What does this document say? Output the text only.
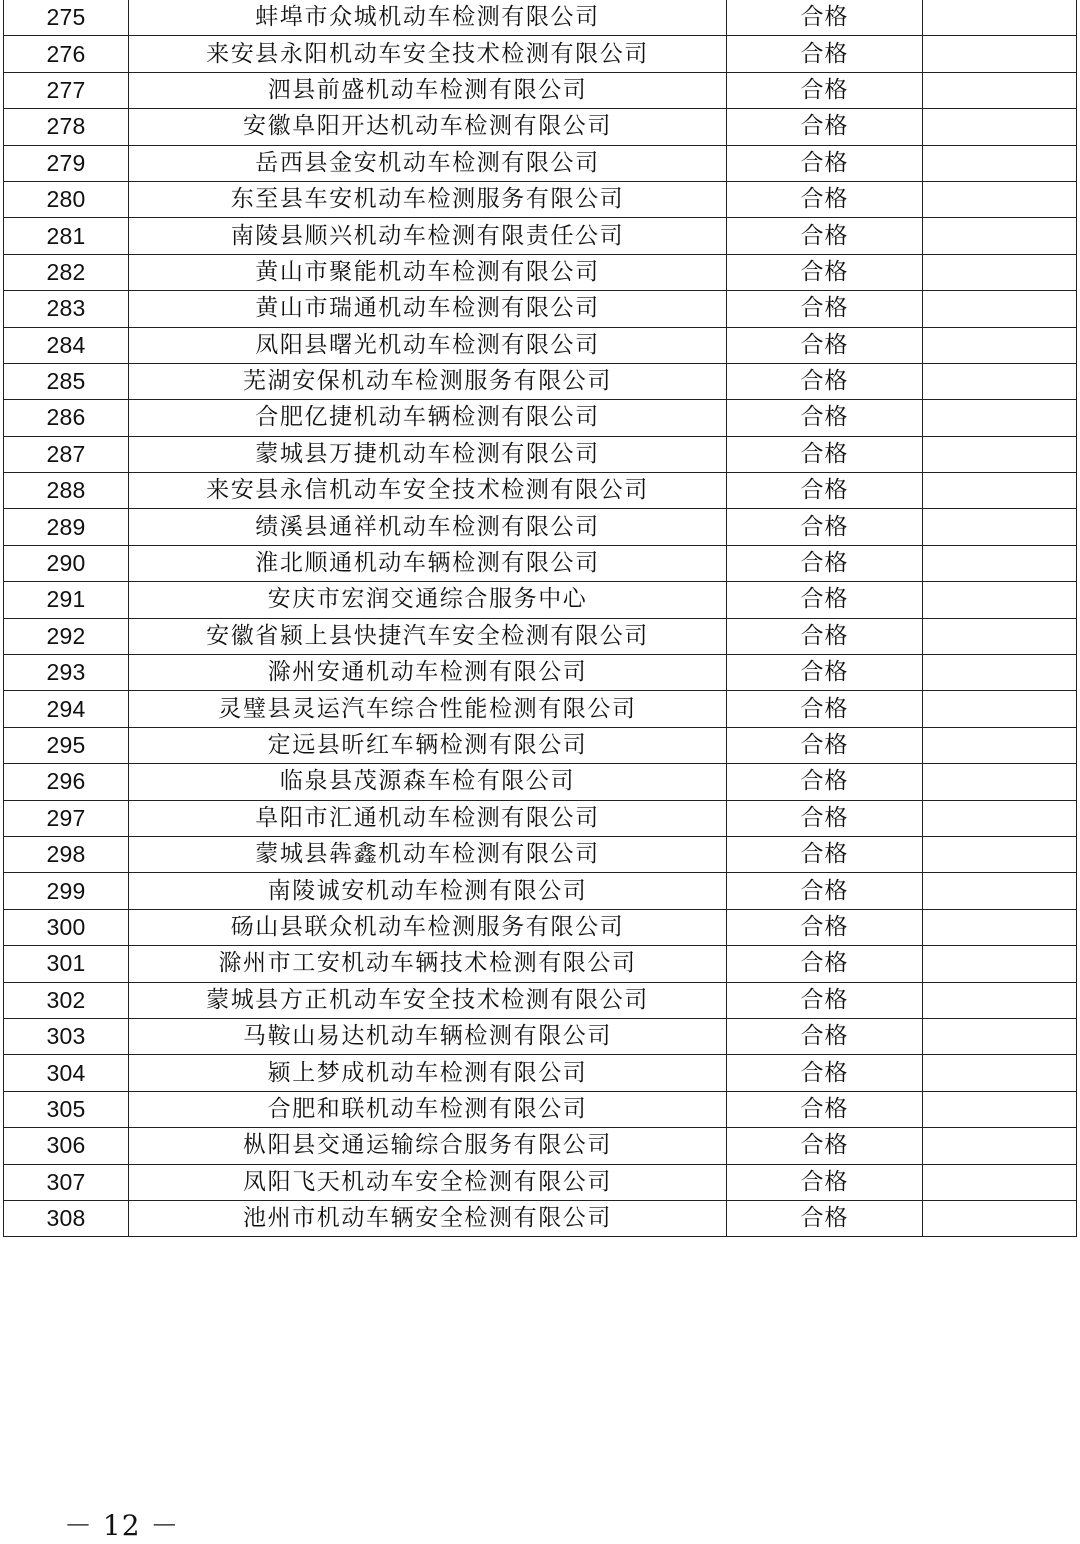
275	蚌埠市众城机动车检测有限公司	合格	
276	来安县永阳机动车安全技术检测有限公司	合格	
277	泗县前盛机动车检测有限公司	合格	
278	安徽阜阳开达机动车检测有限公司	合格	
279	岳西县金安机动车检测有限公司	合格	
280	东至县车安机动车检测服务有限公司	合格	
281	南陵县顺兴机动车检测有限责任公司	合格	
282	黄山市聚能机动车检测有限公司	合格	
283	黄山市瑞通机动车检测有限公司	合格	
284	凤阳县曙光机动车检测有限公司	合格	
285	芜湖安保机动车检测服务有限公司	合格	
286	合肥亿捷机动车辆检测有限公司	合格	
287	蒙城县万捷机动车检测有限公司	合格	
288	来安县永信机动车安全技术检测有限公司	合格	
289	绩溪县通祥机动车检测有限公司	合格	
290	淮北顺通机动车辆检测有限公司	合格	
291	安庆市宏润交通综合服务中心	合格	
292	安徽省颍上县快捷汽车安全检测有限公司	合格	
293	滁州安通机动车检测有限公司	合格	
294	灵璧县灵运汽车综合性能检测有限公司	合格	
295	定远县昕红车辆检测有限公司	合格	
296	临泉县茂源森车检有限公司	合格	
297	阜阳市汇通机动车检测有限公司	合格	
298	蒙城县犇鑫机动车检测有限公司	合格	
299	南陵诚安机动车检测有限公司	合格	
300	砀山县联众机动车检测服务有限公司	合格	
301	滁州市工安机动车辆技术检测有限公司	合格	
302	蒙城县方正机动车安全技术检测有限公司	合格	
303	马鞍山易达机动车辆检测有限公司	合格	
304	颍上梦成机动车检测有限公司	合格	
305	合肥和联机动车检测有限公司	合格	
306	枞阳县交通运输综合服务有限公司	合格	
307	凤阳飞天机动车安全检测有限公司	合格	
308	池州市机动车辆安全检测有限公司	合格	
－ 12 －
